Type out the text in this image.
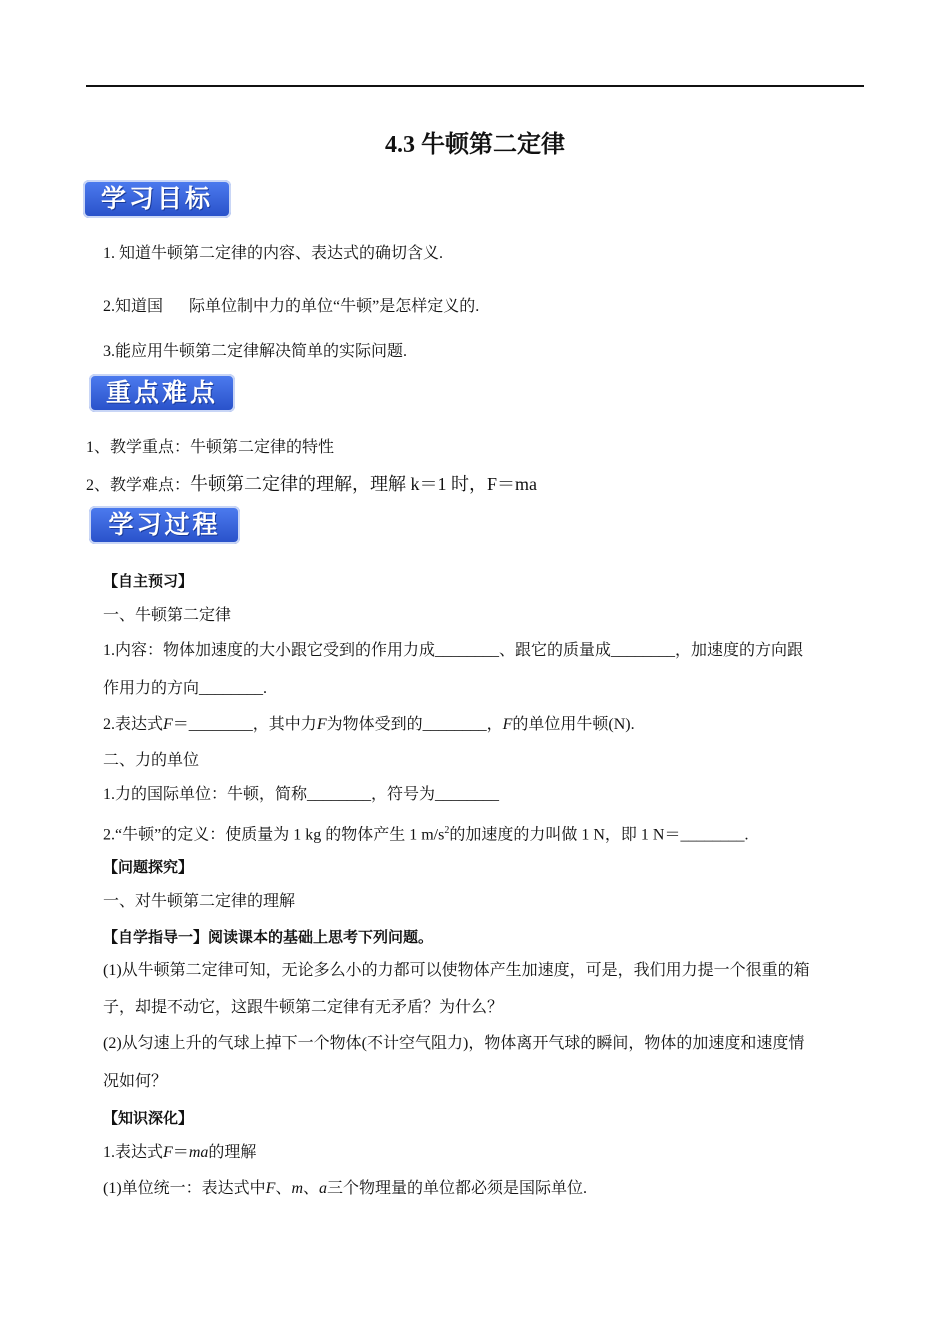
4.3 牛顿第二定律
学习目标
1. 知道牛顿第二定律的内容、表达式的确切含义.
2.知道国 际单位制中力的单位“牛顿”是怎样定义的.
3.能应用牛顿第二定律解决简单的实际问题.
重点难点
1、教学重点：牛顿第二定律的特性
2、教学难点：牛顿第二定律的理解，理解 k＝1 时，F＝ma
学习过程
【自主预习】
一、牛顿第二定律
1.内容：物体加速度的大小跟它受到的作用力成________、跟它的质量成________，加速度的方向跟
作用力的方向________.
2.表达式F＝________，其中力F为物体受到的________，F的单位用牛顿(N).
二、力的单位
1.力的国际单位：牛顿，简称________，符号为________
2.“牛顿”的定义：使质量为 1 kg 的物体产生 1 $m/s^2$的加速度的力叫做 1 N，即 1 N＝________.
【问题探究】
一、对牛顿第二定律的理解
【自学指导一】阅读课本的基础上思考下列问题。
(1)从牛顿第二定律可知，无论多么小的力都可以使物体产生加速度，可是，我们用力提一个很重的箱
子，却提不动它，这跟牛顿第二定律有无矛盾？为什么？
(2)从匀速上升的气球上掉下一个物体(不计空气阻力)，物体离开气球的瞬间，物体的加速度和速度情
况如何？
【知识深化】
1.表达式F＝ma的理解
(1)单位统一：表达式中F、m、a三个物理量的单位都必须是国际单位.
